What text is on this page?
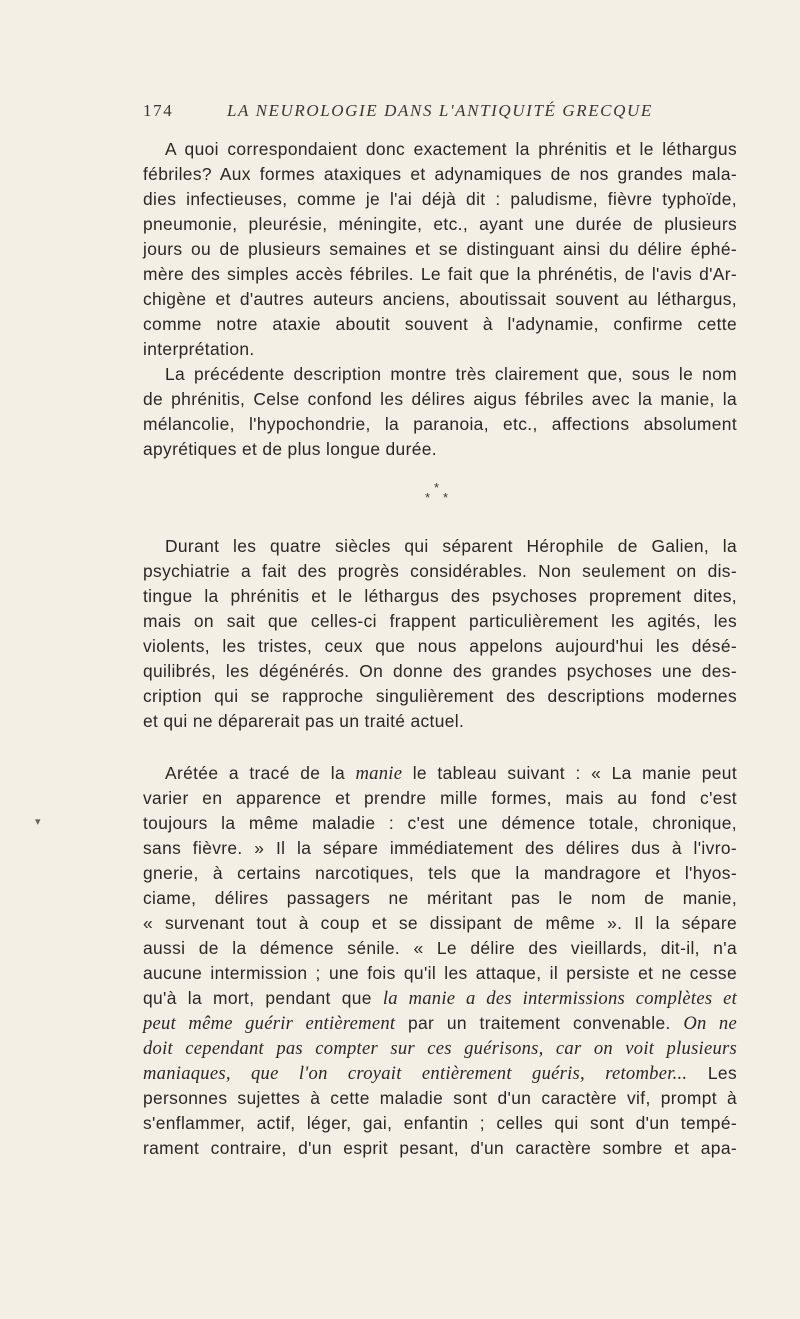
174	LA NEUROLOGIE DANS L'ANTIQUITÉ GRECQUE
A quoi correspondaient donc exactement la phrénitis et le léthargus
fébriles? Aux formes ataxiques et adynamiques de nos grandes mala-
dies infectieuses, comme je l'ai déjà dit : paludisme, fièvre typhoïde,
pneumonie, pleurésie, méningite, etc., ayant une durée de plusieurs
jours ou de plusieurs semaines et se distinguant ainsi du délire éphé-
mère des simples accès fébriles. Le fait que la phrénétis, de l'avis d'Ar-
chigène et d'autres auteurs anciens, aboutissait souvent au léthargus,
comme notre ataxie aboutit souvent à l'adynamie, confirme cette
interprétation.
La précédente description montre très clairement que, sous le nom
de phrénitis, Celse confond les délires aigus fébriles avec la manie, la
mélancolie, l'hypochondrie, la paranoia, etc., affections absolument
apyrétiques et de plus longue durée.
*
* *
Durant les quatre siècles qui séparent Hérophile de Galien, la
psychiatrie a fait des progrès considérables. Non seulement on dis-
tingue la phrénitis et le léthargus des psychoses proprement dites,
mais on sait que celles-ci frappent particulièrement les agités, les
violents, les tristes, ceux que nous appelons aujourd'hui les désé-
quilibrés, les dégénérés. On donne des grandes psychoses une des-
cription qui se rapproche singulièrement des descriptions modernes
et qui ne déparerait pas un traité actuel.
Arétée a tracé de la manie le tableau suivant : « La manie peut
varier en apparence et prendre mille formes, mais au fond c'est
toujours la même maladie : c'est une démence totale, chronique,
sans fièvre. » Il la sépare immédiatement des délires dus à l'ivro-
gnerie, à certains narcotiques, tels que la mandragore et l'hyos-
ciame, délires passagers ne méritant pas le nom de manie,
« survenant tout à coup et se dissipant de même ». Il la sépare
aussi de la démence sénile. « Le délire des vieillards, dit-il, n'a
aucune intermission ; une fois qu'il les attaque, il persiste et ne cesse
qu'à la mort, pendant que la manie a des intermissions complètes et
peut même guérir entièrement par un traitement convenable. On ne
doit cependant pas compter sur ces guérisons, car on voit plusieurs
maniaques, que l'on croyait entièrement guéris, retomber... Les
personnes sujettes à cette maladie sont d'un caractère vif, prompt à
s'enflammer, actif, léger, gai, enfantin ; celles qui sont d'un tempé-
rament contraire, d'un esprit pesant, d'un caractère sombre et apa-
▾
